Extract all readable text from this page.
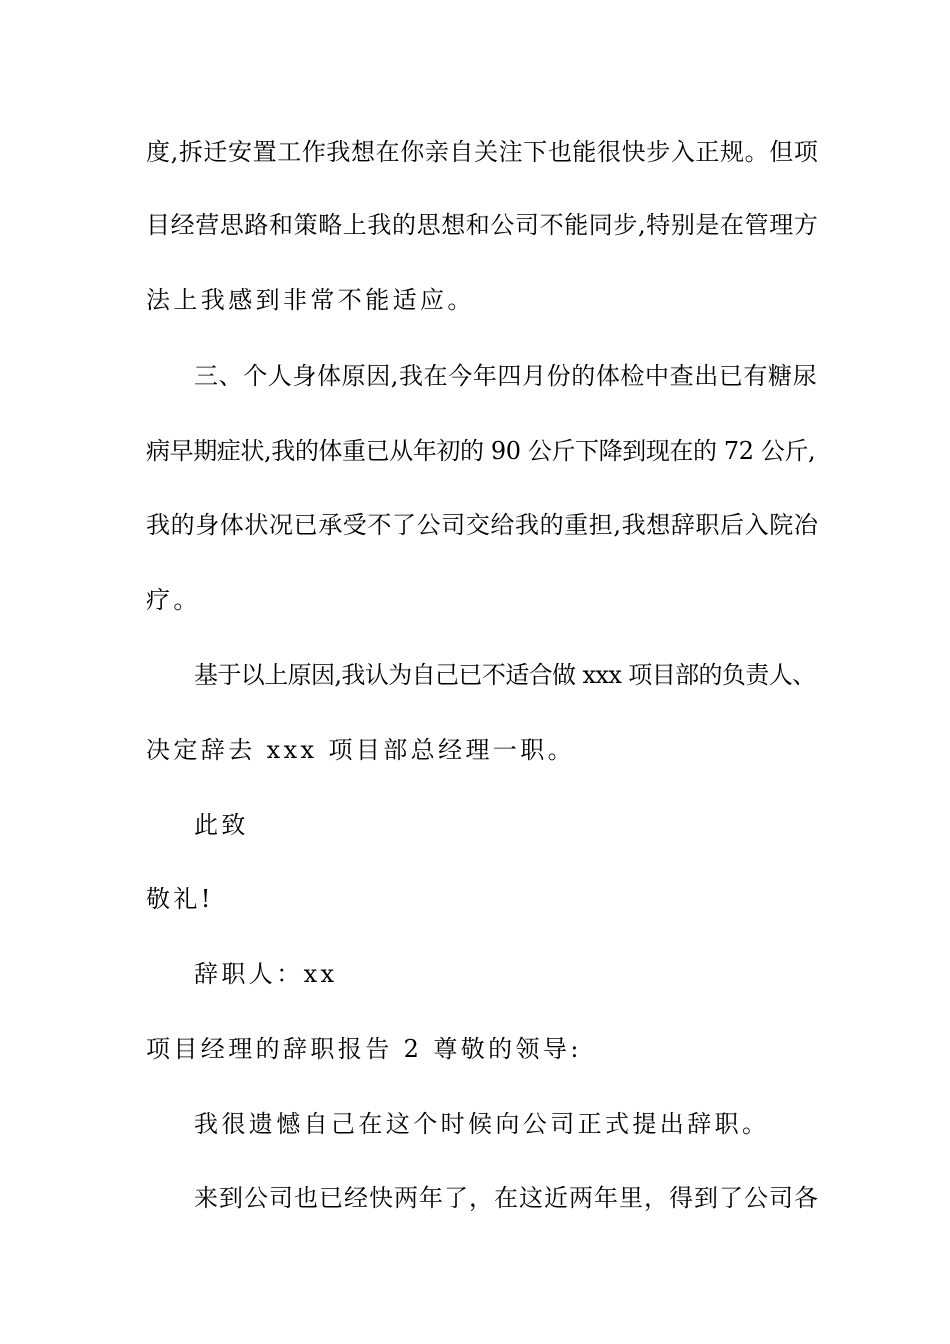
度,拆迁安置工作我想在你亲自关注下也能很快步入正规。但项
目经营思路和策略上我的思想和公司不能同步,特别是在管理方
法上我感到非常不能适应。
三、个人身体原因,我在今年四月份的体检中查出已有糖尿
病早期症状,我的体重已从年初的 90 公斤下降到现在的 72 公斤,
我的身体状况已承受不了公司交给我的重担,我想辞职后入院冶
疗。
基于以上原因,我认为自己已不适合做 xxx 项目部的负责人、
决定辞去 xxx 项目部总经理一职。
此致
敬礼!
辞职人：xx
项目经理的辞职报告 2 尊敬的领导:
我很遗憾自己在这个时候向公司正式提出辞职。
来到公司也已经快两年了，在这近两年里，得到了公司各
